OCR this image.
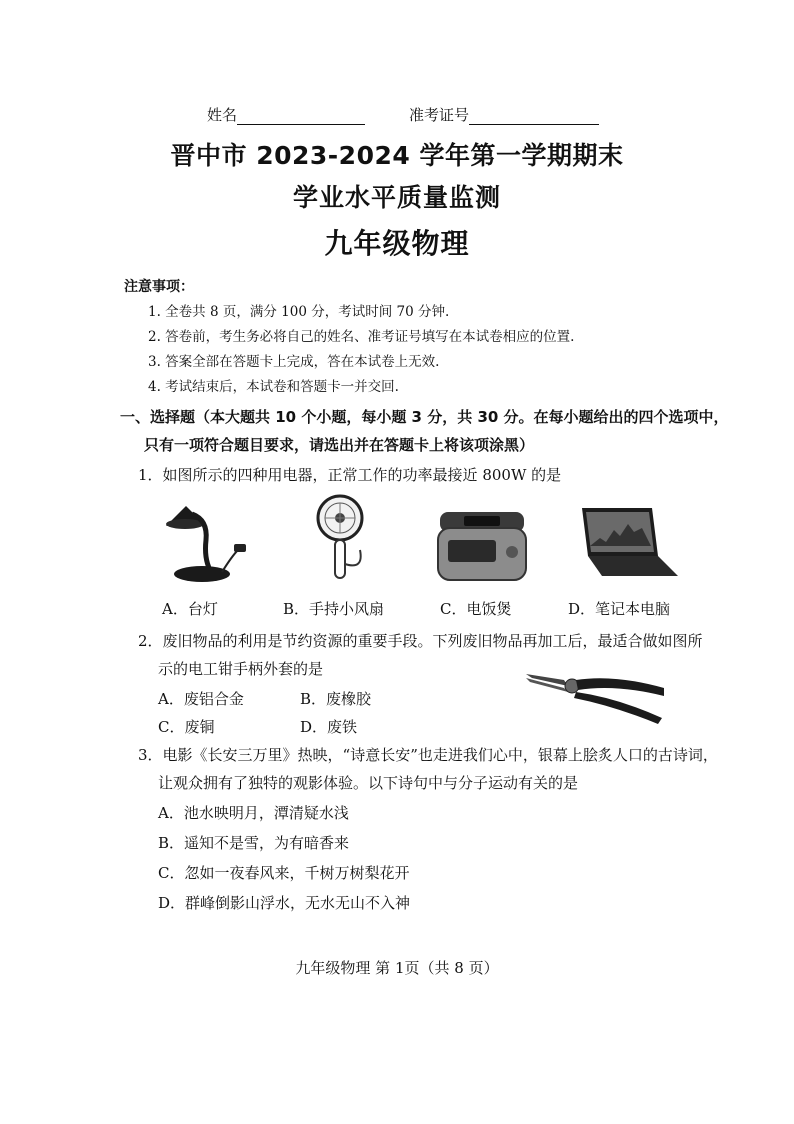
姓名	准考证号
晋中市 2023-2024 学年第一学期期末
学业水平质量监测
九年级物理
注意事项：
1. 全卷共 8 页，满分 100 分，考试时间 70 分钟.
2. 答卷前，考生务必将自己的姓名、准考证号填写在本试卷相应的位置.
3. 答案全部在答题卡上完成，答在本试卷上无效.
4. 考试结束后，本试卷和答题卡一并交回.
一、选择题（本大题共 10 个小题，每小题 3 分，共 30 分。在每小题给出的四个选项中，
只有一项符合题目要求，请选出并在答题卡上将该项涂黑）
1．如图所示的四种用电器，正常工作的功率最接近 800W 的是
A．台灯	B．手持小风扇	C．电饭煲	D．笔记本电脑
2．废旧物品的利用是节约资源的重要手段。下列废旧物品再加工后，最适合做如图所
示的电工钳手柄外套的是
A．废铝合金	B．废橡胶
C．废铜	D．废铁
3．电影《长安三万里》热映，“诗意长安”也走进我们心中，银幕上脍炙人口的古诗词，
让观众拥有了独特的观影体验。以下诗句中与分子运动有关的是
A．池水映明月，潭清疑水浅
B．遥知不是雪，为有暗香来
C．忽如一夜春风来，千树万树梨花开
D．群峰倒影山浮水，无水无山不入神
九年级物理 第 1页（共 8 页）
